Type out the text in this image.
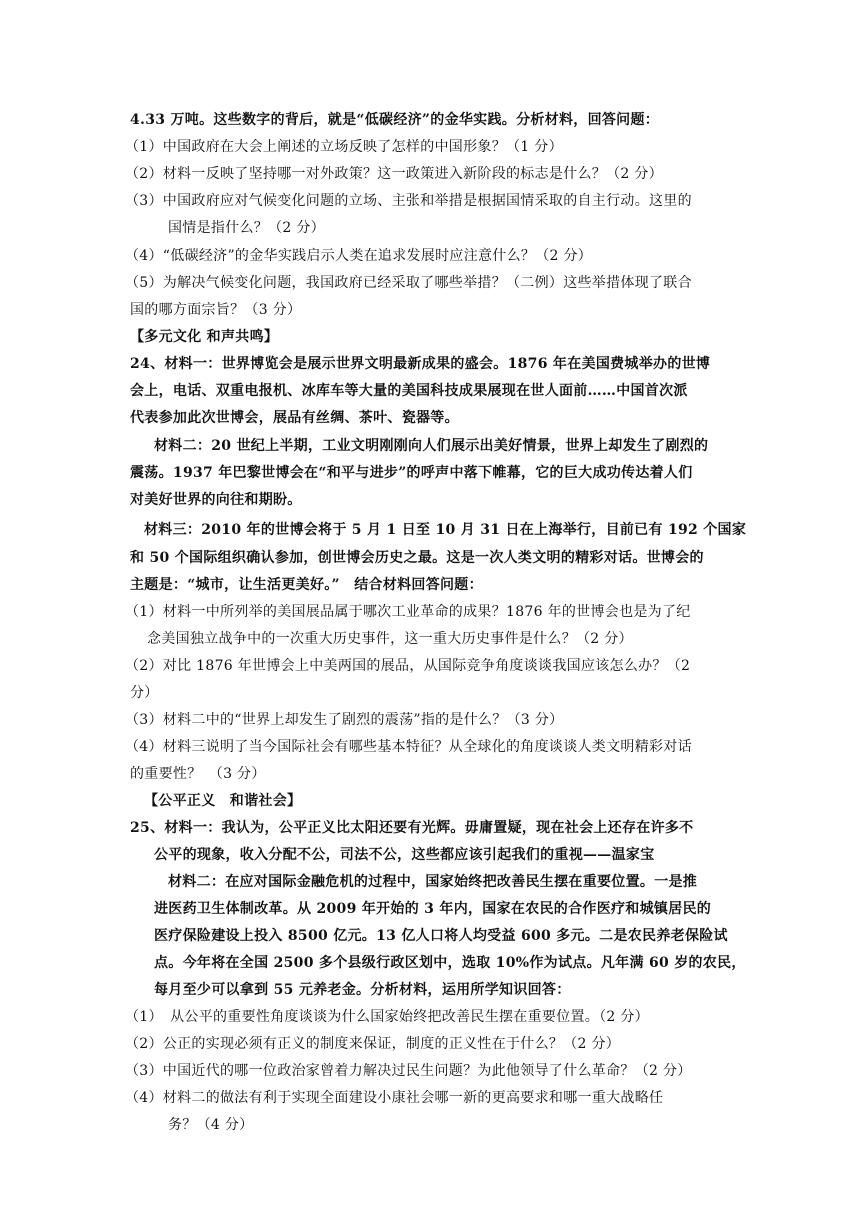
4.33 万吨。这些数字的背后，就是“低碳经济”的金华实践。分析材料，回答问题：
（1）中国政府在大会上阐述的立场反映了怎样的中国形象？（1 分）
（2）材料一反映了坚持哪一对外政策？这一政策进入新阶段的标志是什么？（2 分）
（3）中国政府应对气候变化问题的立场、主张和举措是根据国情采取的自主行动。这里的
国情是指什么？（2 分）
（4）“低碳经济”的金华实践启示人类在追求发展时应注意什么？（2 分）
（5）为解决气候变化问题，我国政府已经采取了哪些举措？（二例）这些举措体现了联合
国的哪方面宗旨？（3 分）
【多元文化 和声共鸣】
24、材料一：世界博览会是展示世界文明最新成果的盛会。1876 年在美国费城举办的世博
会上，电话、双重电报机、冰库车等大量的美国科技成果展现在世人面前……中国首次派
代表参加此次世博会，展品有丝绸、茶叶、瓷器等。
材料二：20 世纪上半期，工业文明刚刚向人们展示出美好情景，世界上却发生了剧烈的
震荡。1937 年巴黎世博会在“和平与进步”的呼声中落下帷幕，它的巨大成功传达着人们
对美好世界的向往和期盼。
材料三：2010 年的世博会将于 5 月 1 日至 10 月 31 日在上海举行，目前已有 192 个国家
和 50 个国际组织确认参加，创世博会历史之最。这是一次人类文明的精彩对话。世博会的
主题是：“城市，让生活更美好。”　结合材料回答问题：
（1）材料一中所列举的美国展品属于哪次工业革命的成果？1876 年的世博会也是为了纪
念美国独立战争中的一次重大历史事件，这一重大历史事件是什么？（2 分）
（2）对比 1876 年世博会上中美两国的展品，从国际竞争角度谈谈我国应该怎么办？（2
分）
（3）材料二中的“世界上却发生了剧烈的震荡”指的是什么？（3 分）
（4）材料三说明了当今国际社会有哪些基本特征？从全球化的角度谈谈人类文明精彩对话
的重要性？　（3 分）
【公平正义　和谐社会】
25、材料一：我认为，公平正义比太阳还要有光辉。毋庸置疑，现在社会上还存在许多不
公平的现象，收入分配不公，司法不公，这些都应该引起我们的重视——温家宝
材料二：在应对国际金融危机的过程中，国家始终把改善民生摆在重要位置。一是推
进医药卫生体制改革。从 2009 年开始的 3 年内，国家在农民的合作医疗和城镇居民的
医疗保险建设上投入 8500 亿元。13 亿人口将人均受益 600 多元。二是农民养老保险试
点。今年将在全国 2500 多个县级行政区划中，选取 10%作为试点。凡年满 60 岁的农民，
每月至少可以拿到 55 元养老金。分析材料，运用所学知识回答：
（1）　从公平的重要性角度谈谈为什么国家始终把改善民生摆在重要位置。（2 分）
（2）公正的实现必须有正义的制度来保证，制度的正义性在于什么？（2 分）
（3）中国近代的哪一位政治家曾着力解决过民生问题？为此他领导了什么革命？（2 分）
（4）材料二的做法有利于实现全面建设小康社会哪一新的更高要求和哪一重大战略任
务？（4 分）
